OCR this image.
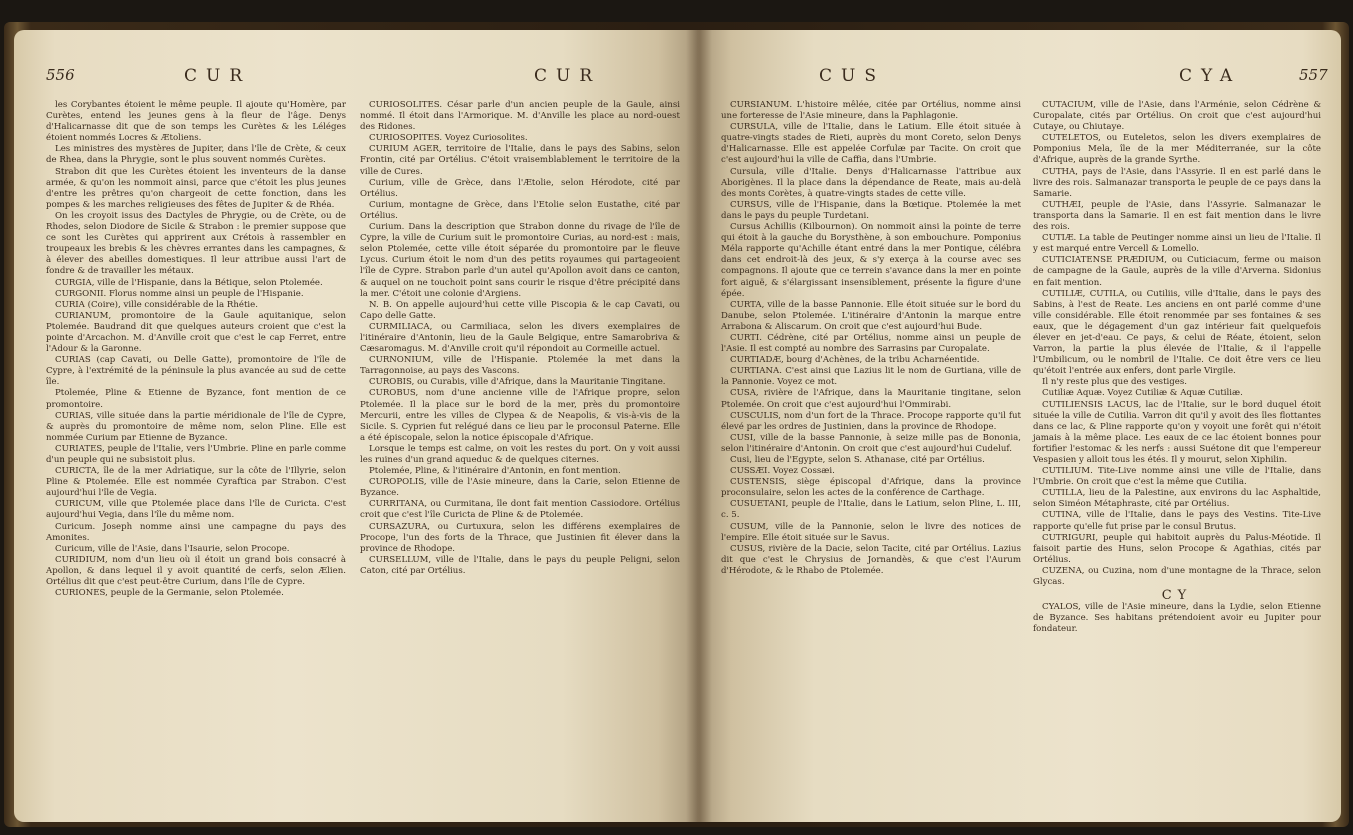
556	CUR	CUR

les Corybantes étoient le même peuple. Il ajoute qu'Homère, par Curètes, entend les jeunes gens à la fleur de l'âge. Denys d'Halicarnasse dit que de son temps les Curètes & les Léléges étoient nommés Locres & Ætoliens.

Les ministres des mystères de Jupiter, dans l'île de Crète, & ceux de Rhea, dans la Phrygie, sont le plus souvent nommés Curètes.

Strabon dit que les Curètes étoient les inventeurs de la danse armée, & qu'on les nommoit ainsi, parce que c'étoit les plus jeunes d'entre les prêtres qu'on chargeoit de cette fonction, dans les pompes & les marches religieuses des fêtes de Jupiter & de Rhéa.

On les croyoit issus des Dactyles de Phrygie, ou de Crète, ou de Rhodes, selon Diodore de Sicile & Strabon : le premier suppose que ce sont les Curètes qui apprirent aux Crétois à rassembler en troupeaux les brebis & les chèvres errantes dans les campagnes, & à élever des abeilles domestiques. Il leur attribue aussi l'art de fondre & de travailler les métaux.

CURGIA, ville de l'Hispanie, dans la Bétique, selon Ptolemée.

CURGONII. Florus nomme ainsi un peuple de l'Hispanie.

CURIA (Coire), ville considérable de la Rhétie.

CURIANUM, promontoire de la Gaule aquitanique, selon Ptolemée. Baudrand dit que quelques auteurs croient que c'est la pointe d'Arcachon. M. d'Anville croit que c'est le cap Ferret, entre l'Adour & la Garonne.

CURIAS (cap Cavati, ou Delle Gatte), promontoire de l'île de Cypre, à l'extrémité de la péninsule la plus avancée au sud de cette île.

Ptolemée, Pline & Etienne de Byzance, font mention de ce promontoire.

CURIAS, ville située dans la partie méridionale de l'île de Cypre, & auprès du promontoire de même nom, selon Pline. Elle est nommée Curium par Etienne de Byzance.

CURIATES, peuple de l'Italie, vers l'Umbrie. Pline en parle comme d'un peuple qui ne subsistoit plus.

CURICTA, île de la mer Adriatique, sur la côte de l'Illyrie, selon Pline & Ptolemée. Elle est nommée Cyraftica par Strabon. C'est aujourd'hui l'île de Vegia.

CURICUM, ville que Ptolemée place dans l'île de Curicta. C'est aujourd'hui Vegia, dans l'île du même nom.

Curicum. Joseph nomme ainsi une campagne du pays des Amonites.

Curicum, ville de l'Asie, dans l'Isaurie, selon Procope.

CURIDIUM, nom d'un lieu où il étoit un grand bois consacré à Apollon, & dans lequel il y avoit quantité de cerfs, selon Ælien. Ortélius dit que c'est peut-être Curium, dans l'île de Cypre.

CURIONES, peuple de la Germanie, selon Ptolemée.

CURIOSOLITES. César parle d'un ancien peuple de la Gaule, ainsi nommé. Il étoit dans l'Armorique. M. d'Anville les place au nord-ouest des Ridones.

CURIOSOPITES. Voyez Curiosolites.

CURIUM AGER, territoire de l'Italie, dans le pays des Sabins, selon Frontin, cité par Ortélius. C'étoit vraisemblablement le territoire de la ville de Cures.

Curium, ville de Grèce, dans l'Ætolie, selon Hérodote, cité par Ortélius.

Curium, montagne de Grèce, dans l'Etolie selon Eustathe, cité par Ortélius.

Curium. Dans la description que Strabon donne du rivage de l'île de Cypre, la ville de Curium suit le promontoire Curias, au nord-est : mais, selon Ptolemée, cette ville étoit séparée du promontoire par le fleuve Lycus. Curium étoit le nom d'un des petits royaumes qui partageoient l'île de Cypre. Strabon parle d'un autel qu'Apollon avoit dans ce canton, & auquel on ne touchoit point sans courir le risque d'être précipité dans la mer. C'étoit une colonie d'Argiens.

N. B. On appelle aujourd'hui cette ville Piscopia & le cap Cavati, ou Capo delle Gatte.

CURMILIACA, ou Carmiliaca, selon les divers exemplaires de l'itinéraire d'Antonin, lieu de la Gaule Belgique, entre Samarobriva & Cæsaromagus. M. d'Anville croit qu'il répondoit au Cormeille actuel.

CURNONIUM, ville de l'Hispanie. Ptolemée la met dans la Tarragonnoise, au pays des Vascons.

CUROBIS, ou Curabis, ville d'Afrique, dans la Mauritanie Tingitane.

CUROBUS, nom d'une ancienne ville de l'Afrique propre, selon Ptolemée. Il la place sur le bord de la mer, près du promontoire Mercurii, entre les villes de Clypea & de Neapolis, & vis-à-vis de la Sicile. S. Cyprien fut relégué dans ce lieu par le proconsul Paterne. Elle a été épiscopale, selon la notice épiscopale d'Afrique.

Lorsque le temps est calme, on voit les restes du port. On y voit aussi les ruines d'un grand aqueduc & de quelques citernes.

Ptolemée, Pline, & l'itinéraire d'Antonin, en font mention.

CUROPOLIS, ville de l'Asie mineure, dans la Carie, selon Etienne de Byzance.

CURRITANA, ou Curmitana, île dont fait mention Cassiodore. Ortélius croit que c'est l'île Curicta de Pline & de Ptolemée.

CURSAZURA, ou Curtuxura, selon les différens exemplaires de Procope, l'un des forts de la Thrace, que Justinien fit élever dans la province de Rhodope.

CURSELLUM, ville de l'Italie, dans le pays du peuple Peligni, selon Caton, cité par Ortélius.

CUS	CYA	557

CURSIANUM. L'histoire mêlée, citée par Ortélius, nomme ainsi une forteresse de l'Asie mineure, dans la Paphlagonie.

CURSULA, ville de l'Italie, dans le Latium. Elle étoit située à quatre-vingts stades de Rieti, auprès du mont Coreto, selon Denys d'Halicarnasse. Elle est appelée Corfulæ par Tacite. On croit que c'est aujourd'hui la ville de Caffia, dans l'Umbrie.

Cursula, ville d'Italie. Denys d'Halicarnasse l'attribue aux Aborigènes. Il la place dans la dépendance de Reate, mais au-delà des monts Corètes, à quatre-vingts stades de cette ville.

CURSUS, ville de l'Hispanie, dans la Bœtique. Ptolemée la met dans le pays du peuple Turdetani.

Cursus Achillis (Kilbournon). On nommoit ainsi la pointe de terre qui étoit à la gauche du Borysthène, à son embouchure. Pomponius Méla rapporte qu'Achille étant entré dans la mer Pontique, célébra dans cet endroit-là des jeux, & s'y exerça à la course avec ses compagnons. Il ajoute que ce terrein s'avance dans la mer en pointe fort aiguë, & s'élargissant insensiblement, présente la figure d'une épée.

CURTA, ville de la basse Pannonie. Elle étoit située sur le bord du Danube, selon Ptolemée. L'itinéraire d'Antonin la marque entre Arrabona & Aliscarum. On croit que c'est aujourd'hui Bude.

CURTI. Cédrène, cité par Ortélius, nomme ainsi un peuple de l'Asie. Il est compté au nombre des Sarrasins par Curopalate.

CURTIADÆ, bourg d'Achènes, de la tribu Acharnéentide.

CURTIANA. C'est ainsi que Lazius lit le nom de Gurtiana, ville de la Pannonie. Voyez ce mot.

CUSA, rivière de l'Afrique, dans la Mauritanie tingitane, selon Ptolemée. On croit que c'est aujourd'hui l'Ommirabi.

CUSCULIS, nom d'un fort de la Thrace. Procope rapporte qu'il fut élevé par les ordres de Justinien, dans la province de Rhodope.

CUSI, ville de la basse Pannonie, à seize mille pas de Bononia, selon l'itinéraire d'Antonin. On croit que c'est aujourd'hui Cudeluf.

Cusi, lieu de l'Egypte, selon S. Athanase, cité par Ortélius.

CUSSÆI. Voyez Cossæi.

CUSTENSIS, siège épiscopal d'Afrique, dans la province proconsulaire, selon les actes de la conférence de Carthage.

CUSUETANI, peuple de l'Italie, dans le Latium, selon Pline, L. III, c. 5.

CUSUM, ville de la Pannonie, selon le livre des notices de l'empire. Elle étoit située sur le Savus.

CUSUS, rivière de la Dacie, selon Tacite, cité par Ortélius. Lazius dit que c'est le Chrysius de Jornandès, & que c'est l'Aurum d'Hérodote, & le Rhabo de Ptolemée.

CUTACIUM, ville de l'Asie, dans l'Arménie, selon Cédrène & Curopalate, cités par Ortélius. On croit que c'est aujourd'hui Cutaye, ou Chiutaye.

CUTELETOS, ou Euteletos, selon les divers exemplaires de Pomponius Mela, île de la mer Méditerranée, sur la côte d'Afrique, auprès de la grande Syrthe.

CUTHA, pays de l'Asie, dans l'Assyrie. Il en est parlé dans le livre des rois. Salmanazar transporta le peuple de ce pays dans la Samarie.

CUTHÆI, peuple de l'Asie, dans l'Assyrie. Salmanazar le transporta dans la Samarie. Il en est fait mention dans le livre des rois.

CUTIÆ. La table de Peutinger nomme ainsi un lieu de l'Italie. Il y est marqué entre Vercell & Lomello.

CUTICIATENSE PRÆDIUM, ou Cuticiacum, ferme ou maison de campagne de la Gaule, auprès de la ville d'Arverna. Sidonius en fait mention.

CUTILIÆ, CUTILA, ou Cutiliis, ville d'Italie, dans le pays des Sabins, à l'est de Reate. Les anciens en ont parlé comme d'une ville considérable. Elle étoit renommée par ses fontaines & ses eaux, que le dégagement d'un gaz intérieur fait quelquefois élever en jet-d'eau. Ce pays, & celui de Réate, étoient, selon Varron, la partie la plus élevée de l'Italie, & il l'appelle l'Umbilicum, ou le nombril de l'Italie. Ce doit être vers ce lieu qu'étoit l'entrée aux enfers, dont parle Virgile.

Il n'y reste plus que des vestiges.

Cutiliæ Aquæ. Voyez Cutiliæ & Aquæ Cutiliæ.

CUTILIENSIS LACUS, lac de l'Italie, sur le bord duquel étoit située la ville de Cutilia. Varron dit qu'il y avoit des îles flottantes dans ce lac, & Pline rapporte qu'on y voyoit une forêt qui n'étoit jamais à la même place. Les eaux de ce lac étoient bonnes pour fortifier l'estomac & les nerfs : aussi Suétone dit que l'empereur Vespasien y alloit tous les étés. Il y mourut, selon Xiphilin.

CUTILIUM. Tite-Live nomme ainsi une ville de l'Italie, dans l'Umbrie. On croit que c'est la même que Cutilia.

CUTILLA, lieu de la Palestine, aux environs du lac Asphaltide, selon Siméon Métaphraste, cité par Ortélius.

CUTINA, ville de l'Italie, dans le pays des Vestins. Tite-Live rapporte qu'elle fut prise par le consul Brutus.

CUTRIGURI, peuple qui habitoit auprès du Palus-Méotide. Il faisoit partie des Huns, selon Procope & Agathias, cités par Ortélius.

CUZENA, ou Cuzina, nom d'une montagne de la Thrace, selon Glycas.

CY

CYALOS, ville de l'Asie mineure, dans la Lydie, selon Etienne de Byzance. Ses habitans prétendoient avoir eu Jupiter pour fondateur.
